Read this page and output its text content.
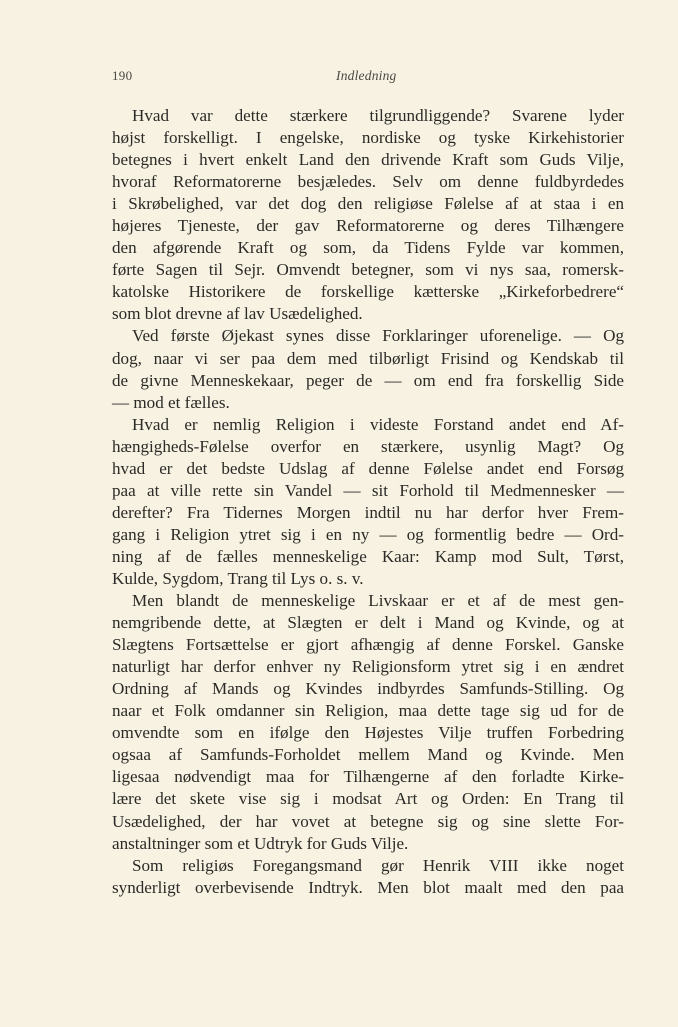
190	Indledning
Hvad var dette stærkere tilgrundliggende? Svarene lyder
højst forskelligt. I engelske, nordiske og tyske Kirkehistorier
betegnes i hvert enkelt Land den drivende Kraft som Guds Vilje,
hvoraf Reformatorerne besjæledes. Selv om denne fuldbyrdedes
i Skrøbelighed, var det dog den religiøse Følelse af at staa i en
højeres Tjeneste, der gav Reformatorerne og deres Tilhængere
den afgørende Kraft og som, da Tidens Fylde var kommen,
førte Sagen til Sejr. Omvendt betegner, som vi nys saa, romersk-
katolske Historikere de forskellige kætterske „Kirkeforbedrere“
som blot drevne af lav Usædelighed.
Ved første Øjekast synes disse Forklaringer uforenelige. — Og
dog, naar vi ser paa dem med tilbørligt Frisind og Kendskab til
de givne Menneskekaar, peger de — om end fra forskellig Side
— mod et fælles.
Hvad er nemlig Religion i videste Forstand andet end Af-
hængigheds-Følelse overfor en stærkere, usynlig Magt? Og
hvad er det bedste Udslag af denne Følelse andet end Forsøg
paa at ville rette sin Vandel — sit Forhold til Medmennesker —
derefter? Fra Tidernes Morgen indtil nu har derfor hver Frem-
gang i Religion ytret sig i en ny — og formentlig bedre — Ord-
ning af de fælles menneskelige Kaar: Kamp mod Sult, Tørst,
Kulde, Sygdom, Trang til Lys o. s. v.
Men blandt de menneskelige Livskaar er et af de mest gen-
nemgribende dette, at Slægten er delt i Mand og Kvinde, og at
Slægtens Fortsættelse er gjort afhængig af denne Forskel. Ganske
naturligt har derfor enhver ny Religionsform ytret sig i en ændret
Ordning af Mands og Kvindes indbyrdes Samfunds-Stilling. Og
naar et Folk omdanner sin Religion, maa dette tage sig ud for de
omvendte som en ifølge den Højestes Vilje truffen Forbedring
ogsaa af Samfunds-Forholdet mellem Mand og Kvinde. Men
ligesaa nødvendigt maa for Tilhængerne af den forladte Kirke-
lære det skete vise sig i modsat Art og Orden: En Trang til
Usædelighed, der har vovet at betegne sig og sine slette For-
anstaltninger som et Udtryk for Guds Vilje.
Som religiøs Foregangsmand gør Henrik VIII ikke noget
synderligt overbevisende Indtryk. Men blot maalt med den paa
